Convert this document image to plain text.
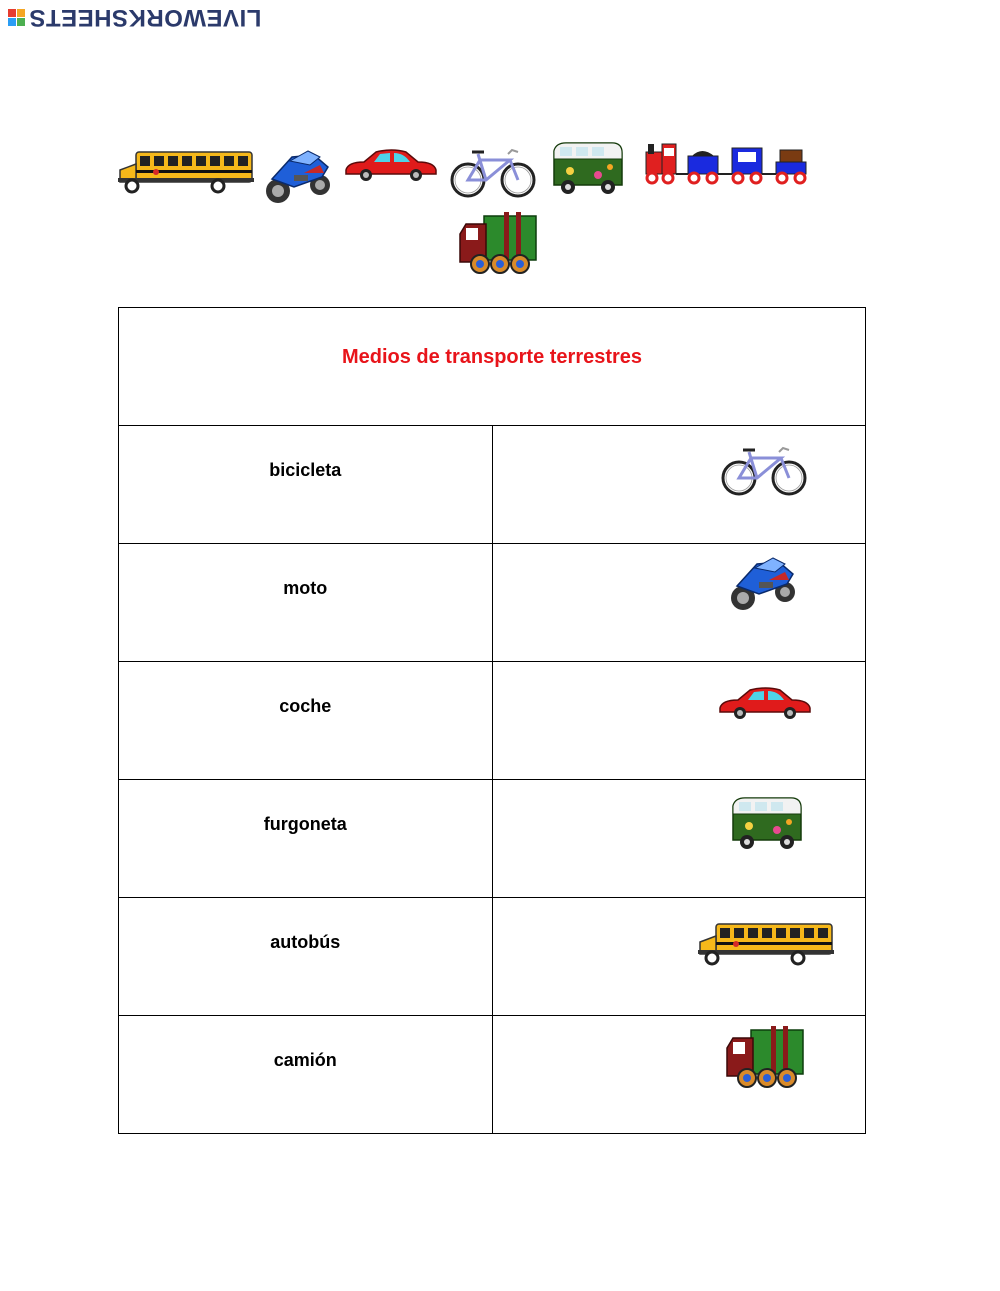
LIVEWORKSHEETS
Medios de transporte terrestres	

bicicleta

moto

coche

furgoneta

autobús

camión
